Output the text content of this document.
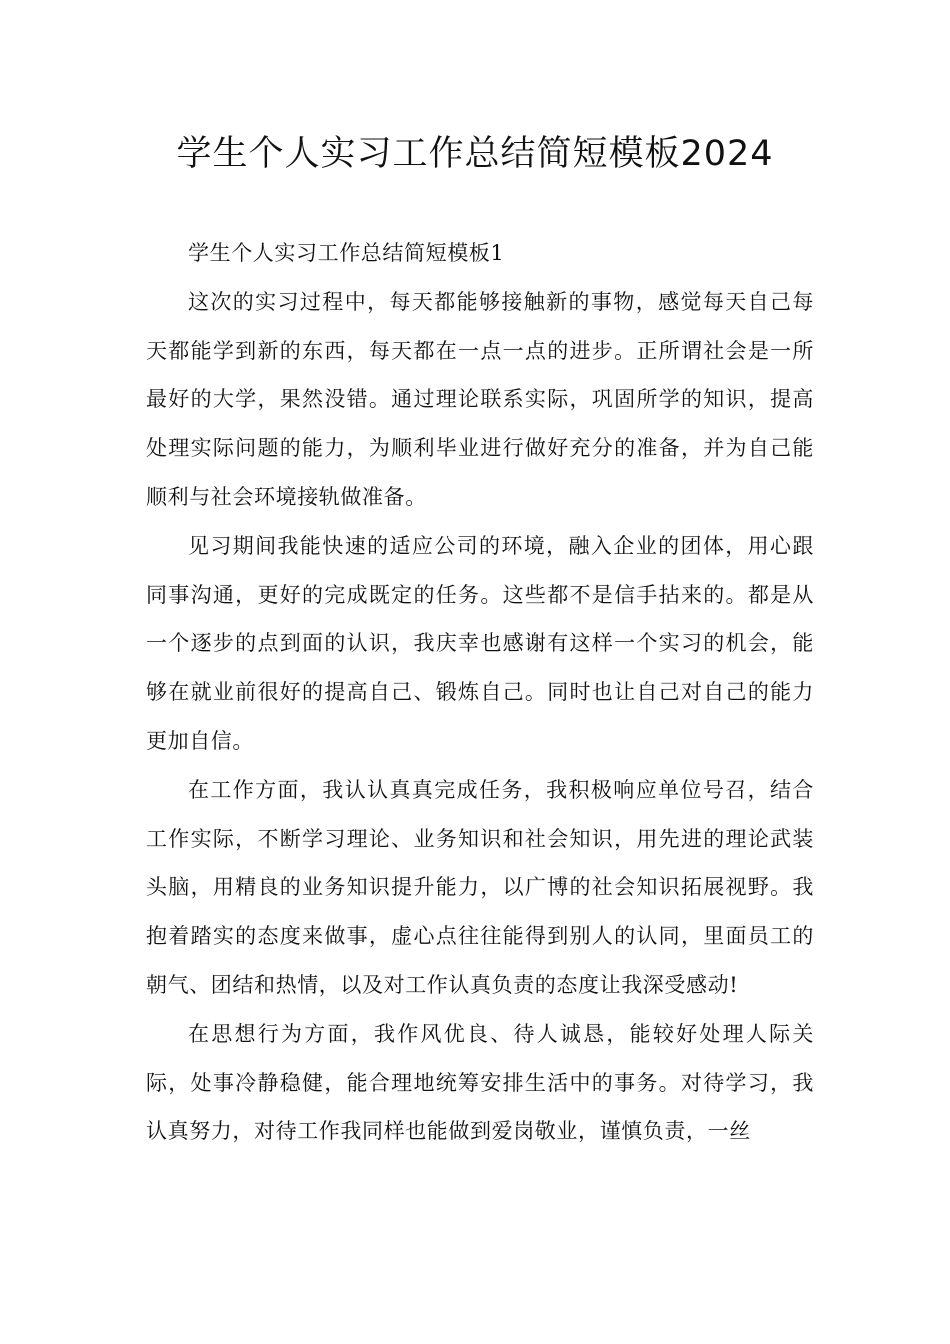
学生个人实习工作总结简短模板2024

学生个人实习工作总结简短模板1

这次的实习过程中，每天都能够接触新的事物，感觉每天自己每天都能学到新的东西，每天都在一点一点的进步。正所谓社会是一所最好的大学，果然没错。通过理论联系实际，巩固所学的知识，提高处理实际问题的能力，为顺利毕业进行做好充分的准备，并为自己能顺利与社会环境接轨做准备。

见习期间我能快速的适应公司的环境，融入企业的团体，用心跟同事沟通，更好的完成既定的任务。这些都不是信手拈来的。都是从一个逐步的点到面的认识，我庆幸也感谢有这样一个实习的机会，能够在就业前很好的提高自己、锻炼自己。同时也让自己对自己的能力更加自信。

在工作方面，我认认真真完成任务，我积极响应单位号召，结合工作实际，不断学习理论、业务知识和社会知识，用先进的理论武装头脑，用精良的业务知识提升能力，以广博的社会知识拓展视野。我抱着踏实的态度来做事，虚心点往往能得到别人的认同，里面员工的朝气、团结和热情，以及对工作认真负责的态度让我深受感动!

在思想行为方面，我作风优良、待人诚恳，能较好处理人际关际，处事冷静稳健，能合理地统筹安排生活中的事务。对待学习，我认真努力，对待工作我同样也能做到爱岗敬业，谨慎负责，一丝
